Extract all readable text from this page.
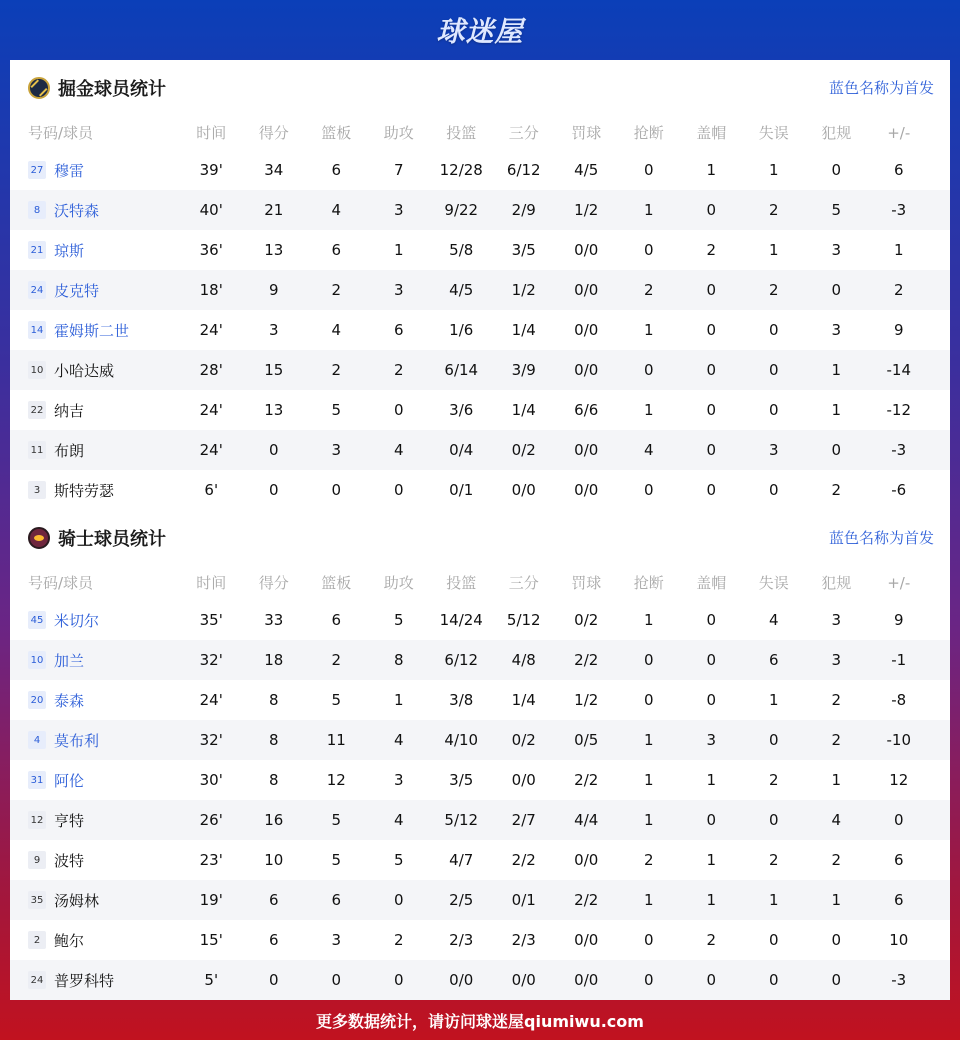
球迷屋
掘金球员统计	蓝色名称为首发
号码/球员	时间	得分	篮板	助攻	投篮	三分	罚球	抢断	盖帽	失误	犯规	+/-
27 穆雷	39'	34	6	7	12/28	6/12	4/5	0	1	1	0	6
8 沃特森	40'	21	4	3	9/22	2/9	1/2	1	0	2	5	-3
21 琼斯	36'	13	6	1	5/8	3/5	0/0	0	2	1	3	1
24 皮克特	18'	9	2	3	4/5	1/2	0/0	2	0	2	0	2
14 霍姆斯二世	24'	3	4	6	1/6	1/4	0/0	1	0	0	3	9
10 小哈达威	28'	15	2	2	6/14	3/9	0/0	0	0	0	1	-14
22 纳吉	24'	13	5	0	3/6	1/4	6/6	1	0	0	1	-12
11 布朗	24'	0	3	4	0/4	0/2	0/0	4	0	3	0	-3
3 斯特劳瑟	6'	0	0	0	0/1	0/0	0/0	0	0	0	2	-6
骑士球员统计	蓝色名称为首发
号码/球员	时间	得分	篮板	助攻	投篮	三分	罚球	抢断	盖帽	失误	犯规	+/-
45 米切尔	35'	33	6	5	14/24	5/12	0/2	1	0	4	3	9
10 加兰	32'	18	2	8	6/12	4/8	2/2	0	0	6	3	-1
20 泰森	24'	8	5	1	3/8	1/4	1/2	0	0	1	2	-8
4 莫布利	32'	8	11	4	4/10	0/2	0/5	1	3	0	2	-10
31 阿伦	30'	8	12	3	3/5	0/0	2/2	1	1	2	1	12
12 亨特	26'	16	5	4	5/12	2/7	4/4	1	0	0	4	0
9 波特	23'	10	5	5	4/7	2/2	0/0	2	1	2	2	6
35 汤姆林	19'	6	6	0	2/5	0/1	2/2	1	1	1	1	6
2 鲍尔	15'	6	3	2	2/3	2/3	0/0	0	2	0	0	10
24 普罗科特	5'	0	0	0	0/0	0/0	0/0	0	0	0	0	-3
更多数据统计，请访问球迷屋qiumiwu.com
